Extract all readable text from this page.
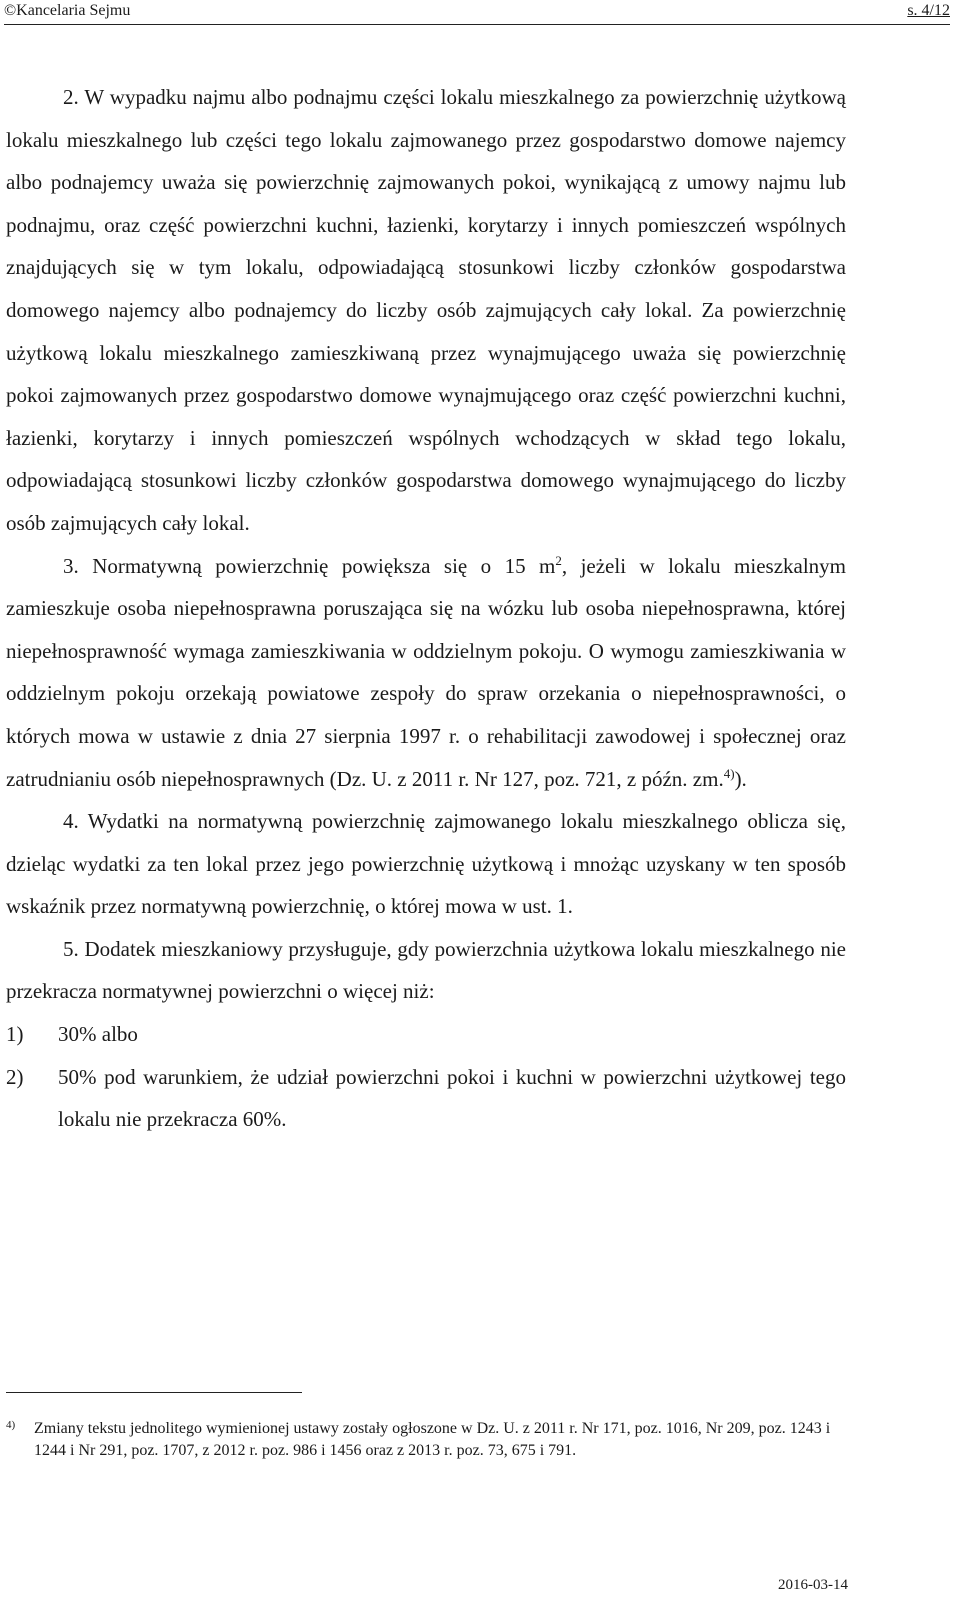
©Kancelaria Sejmu	s. 4/12

2. W wypadku najmu albo podnajmu części lokalu mieszkalnego za powierzchnię użytkową lokalu mieszkalnego lub części tego lokalu zajmowanego przez gospodarstwo domowe najemcy albo podnajemcy uważa się powierzchnię zajmowanych pokoi, wynikającą z umowy najmu lub podnajmu, oraz część powierzchni kuchni, łazienki, korytarzy i innych pomieszczeń wspólnych znajdujących się w tym lokalu, odpowiadającą stosunkowi liczby członków gospodarstwa domowego najemcy albo podnajemcy do liczby osób zajmujących cały lokal. Za powierzchnię użytkową lokalu mieszkalnego zamieszkiwaną przez wynajmującego uważa się powierzchnię pokoi zajmowanych przez gospodarstwo domowe wynajmującego oraz część powierzchni kuchni, łazienki, korytarzy i innych pomieszczeń wspólnych wchodzących w skład tego lokalu, odpowiadającą stosunkowi liczby członków gospodarstwa domowego wynajmującego do liczby osób zajmujących cały lokal.

3. Normatywną powierzchnię powiększa się o 15 $m^2$, jeżeli w lokalu mieszkalnym zamieszkuje osoba niepełnosprawna poruszająca się na wózku lub osoba niepełnosprawna, której niepełnosprawność wymaga zamieszkiwania w oddzielnym pokoju. O wymogu zamieszkiwania w oddzielnym pokoju orzekają powiatowe zespoły do spraw orzekania o niepełnosprawności, o których mowa w ustawie z dnia 27 sierpnia 1997 r. o rehabilitacji zawodowej i społecznej oraz zatrudnianiu osób niepełnosprawnych (Dz. U. z 2011 r. Nr 127, poz. 721, z późn. zm.$^{4)}$).

4. Wydatki na normatywną powierzchnię zajmowanego lokalu mieszkalnego oblicza się, dzieląc wydatki za ten lokal przez jego powierzchnię użytkową i mnożąc uzyskany w ten sposób wskaźnik przez normatywną powierzchnię, o której mowa w ust. 1.

5. Dodatek mieszkaniowy przysługuje, gdy powierzchnia użytkowa lokalu mieszkalnego nie przekracza normatywnej powierzchni o więcej niż:

1)	30% albo
2)	50% pod warunkiem, że udział powierzchni pokoi i kuchni w powierzchni użytkowej tego lokalu nie przekracza 60%.
4)	Zmiany tekstu jednolitego wymienionej ustawy zostały ogłoszone w Dz. U. z 2011 r. Nr 171, poz. 1016, Nr 209, poz. 1243 i 1244 i Nr 291, poz. 1707, z 2012 r. poz. 986 i 1456 oraz z 2013 r. poz. 73, 675 i 791.
2016-03-14
